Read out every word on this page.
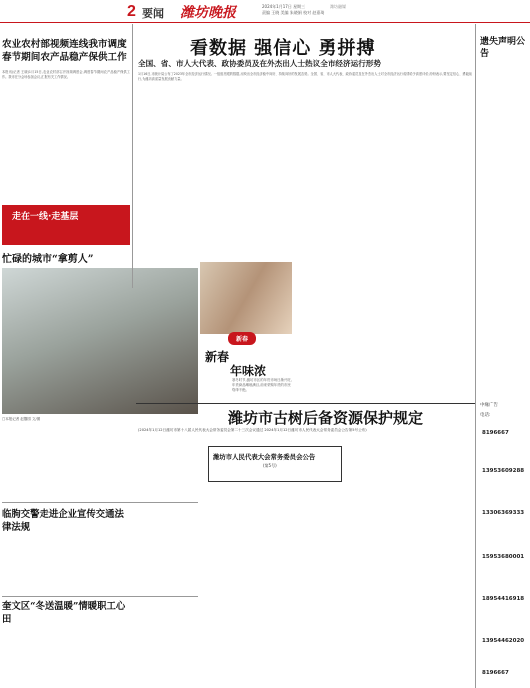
2 要闻 潍坊晚报	2024年1月17日 星期三
责编 王晓 美编 朱晓娟 校对 赵嘉琦
潍坊融媒
农业农村部视频连线我市调度春节期间农产品稳产保供工作
本报讯(记者 王晓)1月15日,农业农村部召开视频调度会,调度春节期间农产品稳产保供工作。我市在分会场参加会议,汇报有关工作情况。
走在一线·走基层
忙碌的城市“拿剪人”
□本报记者 赵馨园 文/图
临朐交警走进企业宣传交通法律法规
奎文区“冬送温暖”情暖职工心田
看数据 强信心 勇拼搏
全国、省、市人大代表、政协委员及在外杰出人士热议全市经济运行形势
1月16日,市统计局公布了2023年全市经济运行情况。一组组亮眼的数据,反映出全市经济稳中向好、持续向好的发展态势。全国、省、市人大代表、政协委员及在外杰出人士对全市经济运行成绩给予高度评价,纷纷表示,要坚定信心、勇毅前行,为潍坊高质量发展贡献力量。
新春
新春
年味浓
寒冬时节,潍坊市区的年货市场日渐兴旺,年货商品琳琅满目,前来采购年货的市民络绎不绝。
潍坊市古树后备资源保护规定
(2024年1月12日潍坊市第十八届人民代表大会常务委员会第二十三次会议通过 2024年1月12日潍坊市人民代表大会常务委员会公告第5号公布)
潍坊市人民代表大会常务委员会公告
(第5号)
遗失声明公告
中缘广告
电话:
8196667
13953609288
13306369333
15953680001
18954416918
13954462020
8196667
